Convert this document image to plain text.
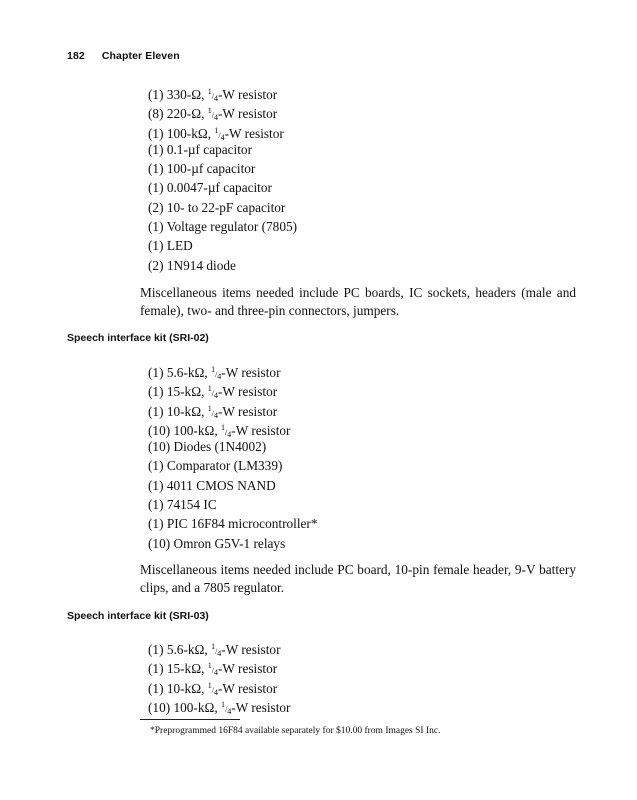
182 Chapter Eleven
(1) 330-Ω, 1/4-W resistor
(8) 220-Ω, 1/4-W resistor
(1) 100-kΩ, 1/4-W resistor
(1) 0.1-µf capacitor
(1) 100-µf capacitor
(1) 0.0047-µf capacitor
(2) 10- to 22-pF capacitor
(1) Voltage regulator (7805)
(1) LED
(2) 1N914 diode

Miscellaneous items needed include PC boards, IC sockets, headers (male and female), two- and three-pin connectors, jumpers.

Speech interface kit (SRI-02)
(1) 5.6-kΩ, 1/4-W resistor
(1) 15-kΩ, 1/4-W resistor
(1) 10-kΩ, 1/4-W resistor
(10) 100-kΩ, 1/4-W resistor
(10) Diodes (1N4002)
(1) Comparator (LM339)
(1) 4011 CMOS NAND
(1) 74154 IC
(1) PIC 16F84 microcontroller*
(10) Omron G5V-1 relays

Miscellaneous items needed include PC board, 10-pin female header, 9-V battery clips, and a 7805 regulator.

Speech interface kit (SRI-03)
(1) 5.6-kΩ, 1/4-W resistor
(1) 15-kΩ, 1/4-W resistor
(1) 10-kΩ, 1/4-W resistor
(10) 100-kΩ, 1/4-W resistor

*Preprogrammed 16F84 available separately for $10.00 from Images SI Inc.
